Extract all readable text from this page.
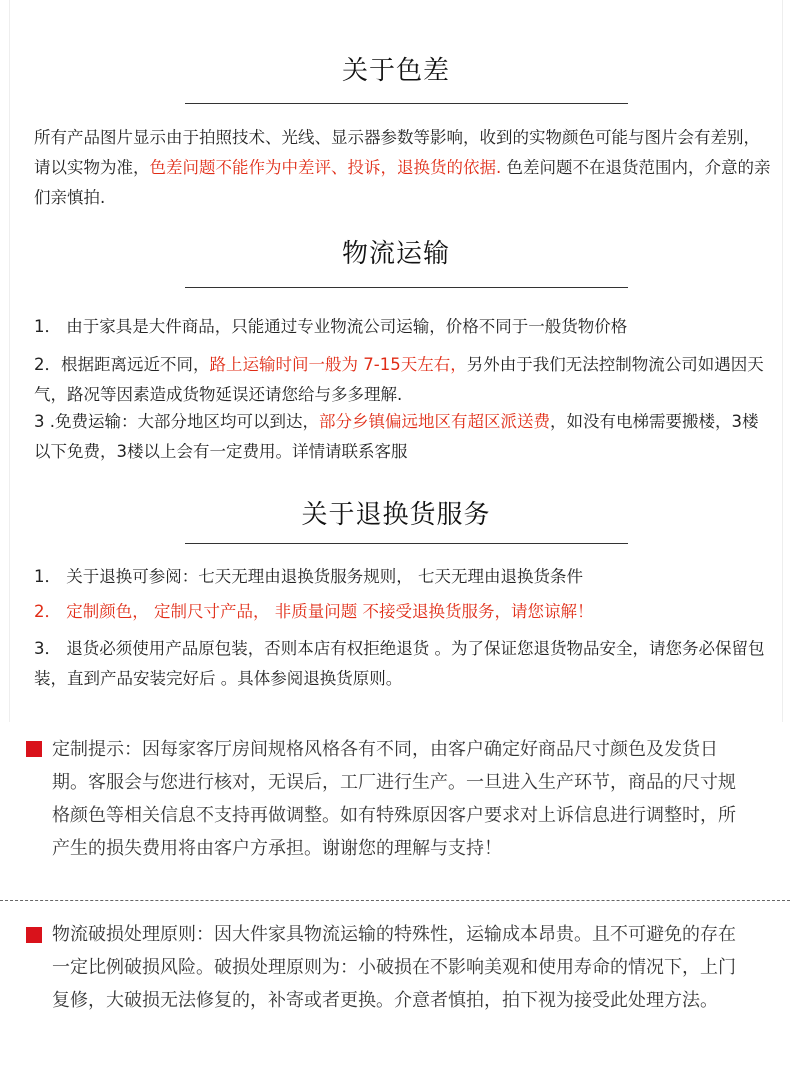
关于色差
所有产品图片显示由于拍照技术、光线、显示器参数等影响，收到的实物颜色可能与图片会有差别，请以实物为准，色差问题不能作为中差评、投诉，退换货的依据. 色差问题不在退货范围内，介意的亲们亲慎拍.
物流运输
1． 由于家具是大件商品，只能通过专业物流公司运输，价格不同于一般货物价格
2．根据距离远近不同，路上运输时间一般为 7-15天左右，另外由于我们无法控制物流公司如遇因天气，路况等因素造成货物延误还请您给与多多理解.
3 .免费运输：大部分地区均可以到达，部分乡镇偏远地区有超区派送费，如没有电梯需要搬楼，3楼以下免费，3楼以上会有一定费用。详情请联系客服
关于退换货服务
1． 关于退换可参阅：七天无理由退换货服务规则， 七天无理由退换货条件
2． 定制颜色， 定制尺寸产品， 非质量问题 不接受退换货服务，请您谅解！
3． 退货必须使用产品原包装，否则本店有权拒绝退货 。为了保证您退货物品安全，请您务必保留包装，直到产品安装完好后 。具体参阅退换货原则。
定制提示：因每家客厅房间规格风格各有不同，由客户确定好商品尺寸颜色及发货日期。客服会与您进行核对，无误后，工厂进行生产。一旦进入生产环节，商品的尺寸规格颜色等相关信息不支持再做调整。如有特殊原因客户要求对上诉信息进行调整时，所产生的损失费用将由客户方承担。谢谢您的理解与支持！
物流破损处理原则：因大件家具物流运输的特殊性，运输成本昂贵。且不可避免的存在一定比例破损风险。破损处理原则为：小破损在不影响美观和使用寿命的情况下，上门复修，大破损无法修复的，补寄或者更换。介意者慎拍，拍下视为接受此处理方法。
